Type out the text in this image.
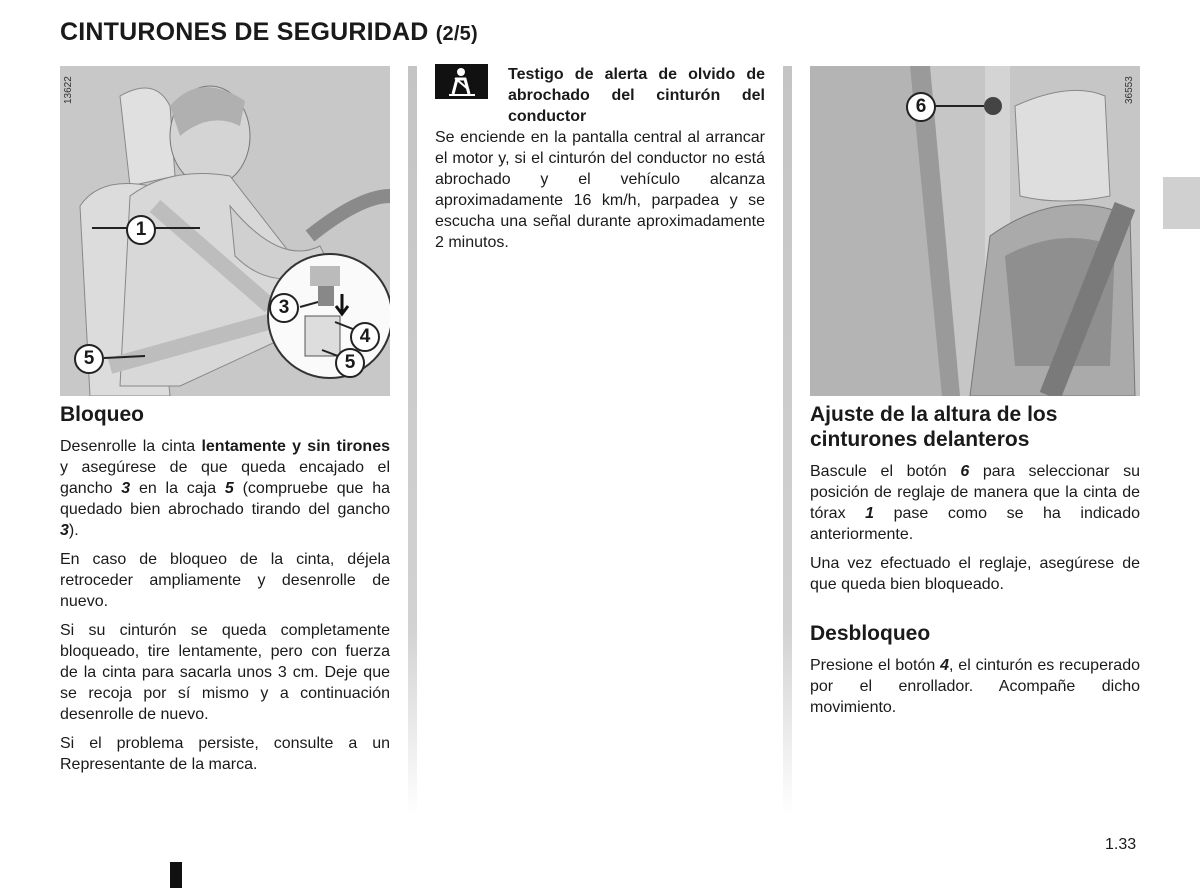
CINTURONES DE SEGURIDAD (2/5)
13622
1
3
4
5	5
Bloqueo
Desenrolle la cinta lentamente y sin tirones y asegúrese de que queda encajado el gancho 3 en la caja 5 (compruebe que ha quedado bien abrochado tirando del gancho 3).
En caso de bloqueo de la cinta, déjela retroceder ampliamente y desenrolle de nuevo.
Si su cinturón se queda completamente bloqueado, tire lentamente, pero con fuerza de la cinta para sacarla unos 3 cm. Deje que se recoja por sí mismo y a continuación desenrolle de nuevo.
Si el problema persiste, consulte a un Representante de la marca.
Testigo de alerta de olvido de abrochado del cinturón del conductor
Se enciende en la pantalla central al arrancar el motor y, si el cinturón del conductor no está abrochado y el vehículo alcanza aproximadamente 16 km/h, parpadea y se escucha una señal durante aproximadamente 2 minutos.
36553
6
Ajuste de la altura de los cinturones delanteros
Bascule el botón 6 para seleccionar su posición de reglaje de manera que la cinta de tórax 1 pase como se ha indicado anteriormente.
Una vez efectuado el reglaje, asegúrese de que queda bien bloqueado.
Desbloqueo
Presione el botón 4, el cinturón es recuperado por el enrollador. Acompañe dicho movimiento.
1.33
